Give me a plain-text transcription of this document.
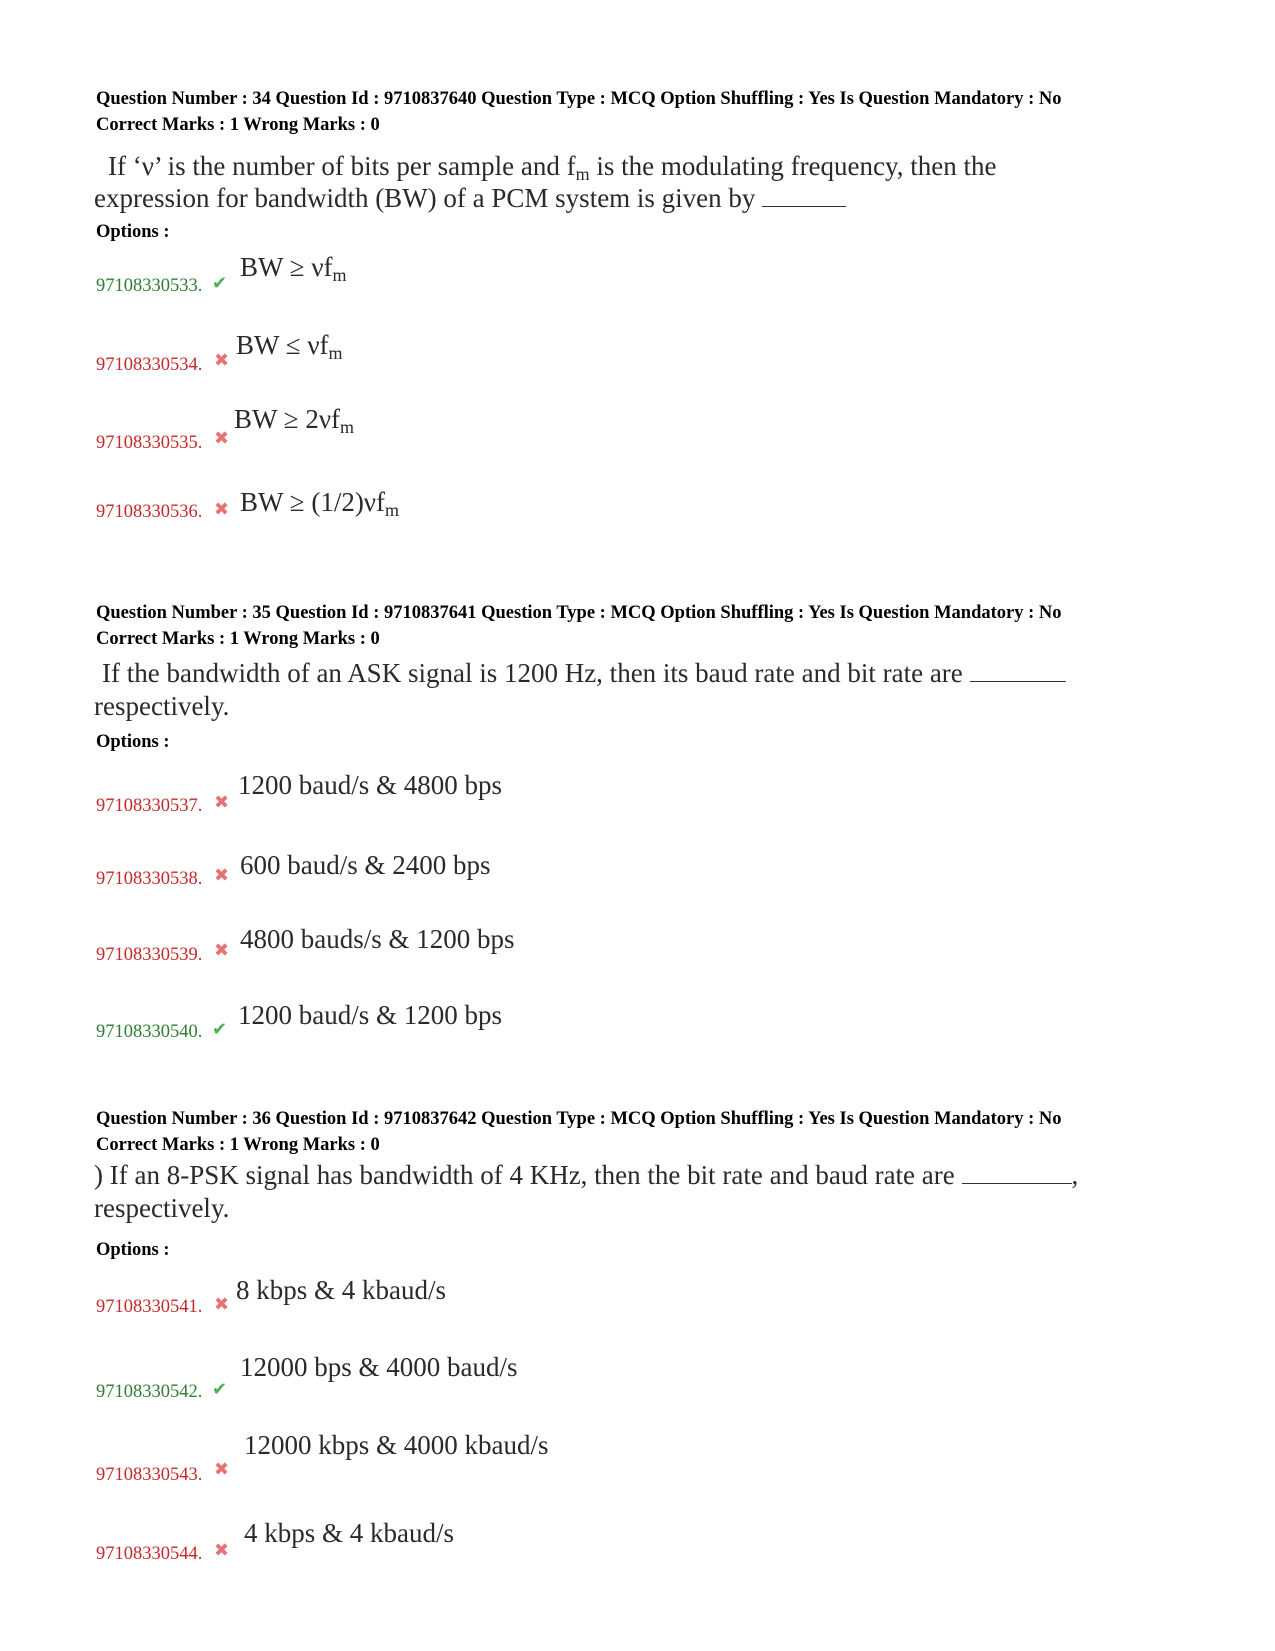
Question Number : 34 Question Id : 9710837640 Question Type : MCQ Option Shuffling : Yes Is Question Mandatory : No
Correct Marks : 1 Wrong Marks : 0
If ‘ν’ is the number of bits per sample and $f_m$ is the modulating frequency, then the
expression for bandwidth (BW) of a PCM system is given by
Options :
97108330533. ✔
BW ≥ $\nu f_m$
97108330534. ✖ BW ≤ $\nu f_m$
97108330535. ✖
BW ≥ $2\nu f_m$
97108330536. ✖ BW ≥ $(1/2)\nu f_m$
Question Number : 35 Question Id : 9710837641 Question Type : MCQ Option Shuffling : Yes Is Question Mandatory : No
Correct Marks : 1 Wrong Marks : 0
If the bandwidth of an ASK signal is 1200 Hz, then its baud rate and bit rate are
respectively.
Options :
97108330537. ✖
1200 baud/s & 4800 bps
97108330538. ✖ 600 baud/s & 2400 bps
97108330539. ✖ 4800 bauds/s & 1200 bps
97108330540. ✔ 1200 baud/s & 1200 bps
Question Number : 36 Question Id : 9710837642 Question Type : MCQ Option Shuffling : Yes Is Question Mandatory : No
Correct Marks : 1 Wrong Marks : 0
) If an 8-PSK signal has bandwidth of 4 KHz, then the bit rate and baud rate are	,
respectively.
Options :
97108330541. ✖ 8 kbps & 4 kbaud/s
97108330542. ✔
12000 bps & 4000 baud/s
97108330543. ✖
12000 kbps & 4000 kbaud/s
97108330544. ✖
4 kbps & 4 kbaud/s
